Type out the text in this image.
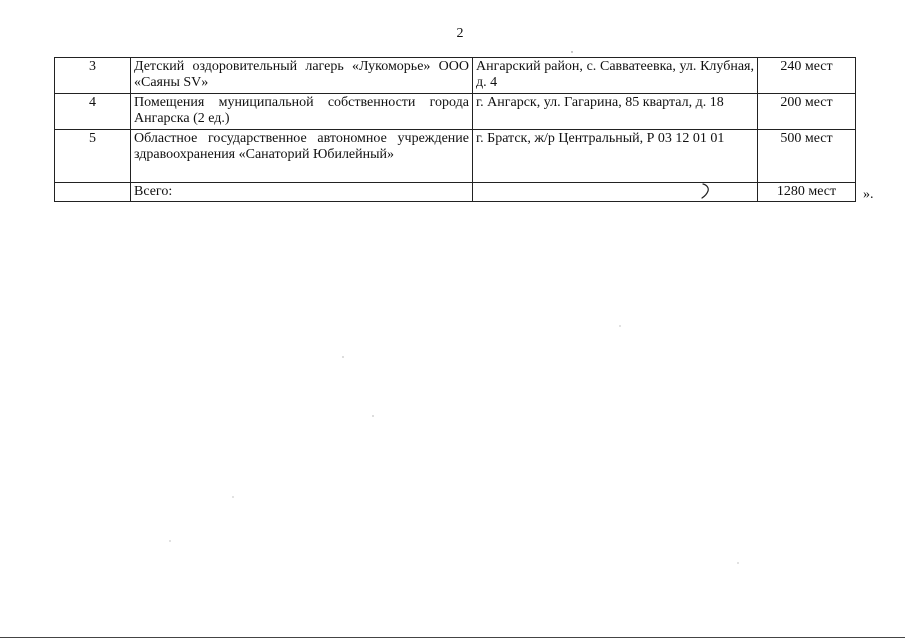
2
3	Детский оздоровительный лагерь «Лукоморье» ООО «Саяны SV»	Ангарский район, с. Савватеевка, ул. Клубная, д. 4	240 мест
4	Помещения муниципальной собственности города Ангарска (2 ед.)	г. Ангарск, ул. Гагарина, 85 квартал, д. 18	200 мест
5	Областное государственное автономное учреждение здравоохранения «Санаторий Юбилейный»	г. Братск, ж/р Центральный, Р 03 12 01 01	500 мест
	Всего:		1280 мест ».
